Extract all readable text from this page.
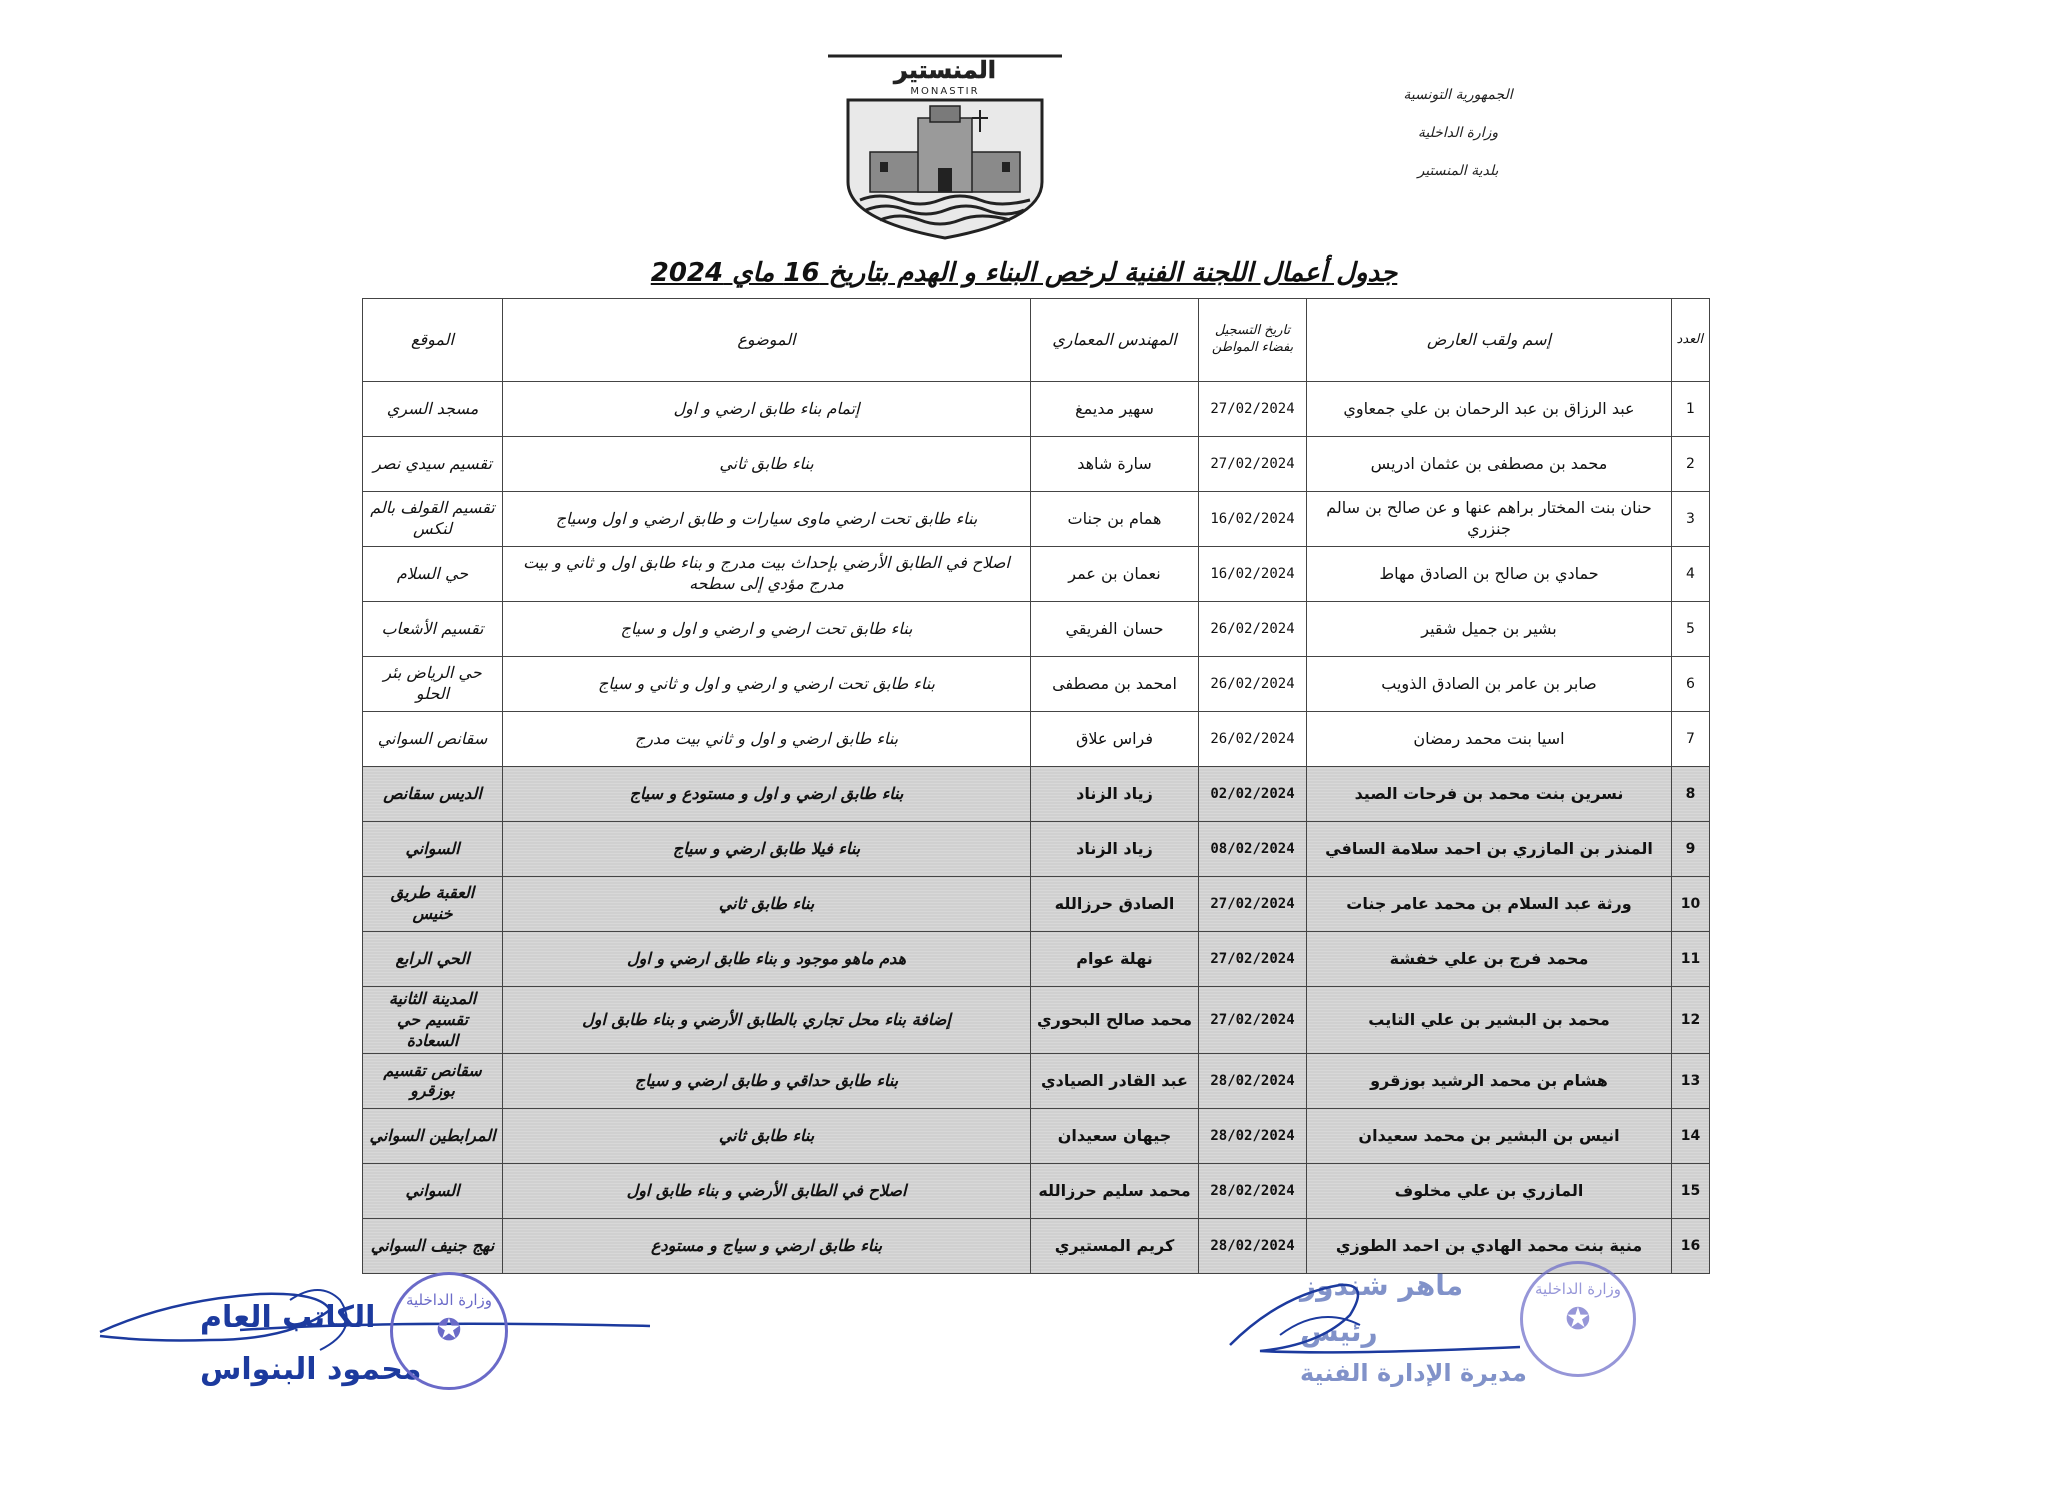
الجمهورية التونسية
وزارة الداخلية
بلدية المنستير
المنستير
MONASTIR
جدول أعمال اللجنة الفنية لرخص البناء و الهدم بتاريخ 16 ماي 2024
العدد	إسم ولقب العارض	تاريخ التسجيل بفضاء المواطن	المهندس المعماري	الموضوع	الموقع
1	عبد الرزاق بن عبد الرحمان بن علي جمعاوي	27/02/2024	سهير مديمغ	إتمام بناء طابق ارضي و اول	مسجد السري
2	محمد بن مصطفى بن عثمان ادريس	27/02/2024	سارة شاهد	بناء طابق ثاني	تقسيم سيدي نصر
3	حنان بنت المختار براهم عنها و عن صالح بن سالم جنزري	16/02/2024	همام بن جنات	بناء طابق تحت ارضي ماوى سيارات و طابق ارضي و اول وسياج	تقسيم القولف بالم لنكس
4	حمادي بن صالح بن الصادق مهاط	16/02/2024	نعمان بن عمر	اصلاح في الطابق الأرضي بإحداث بيت مدرج و بناء طابق اول و ثاني و بيت مدرج مؤدي إلى سطحه	حي السلام
5	بشير بن جميل شقير	26/02/2024	حسان الفريقي	بناء طابق تحت ارضي و ارضي و اول و سياج	تقسيم الأشعاب
6	صابر بن عامر بن الصادق الذويب	26/02/2024	امحمد بن مصطفى	بناء طابق تحت ارضي و ارضي و اول و ثاني و سياج	حي الرياض بئر الحلو
7	اسيا بنت محمد رمضان	26/02/2024	فراس علاق	بناء طابق ارضي و اول و ثاني بيت مدرج	سقانص السواني
8	نسرين بنت محمد بن فرحات الصيد	02/02/2024	زياد الزناد	بناء طابق ارضي و اول و مستودع و سياج	الديس سقانص
9	المنذر بن المازري بن احمد سلامة السافي	08/02/2024	زياد الزناد	بناء فيلا طابق ارضي و سياج	السواني
10	ورثة عبد السلام بن محمد عامر جنات	27/02/2024	الصادق حرزالله	بناء طابق ثاني	العقبة طريق خنيس
11	محمد فرج بن علي خفشة	27/02/2024	نهلة عوام	هدم ماهو موجود و بناء طابق ارضي و اول	الحي الرابع
12	محمد بن البشير بن علي التايب	27/02/2024	محمد صالح البحوري	إضافة بناء محل تجاري بالطابق الأرضي و بناء طابق اول	المدينة الثانية تقسيم حي السعادة
13	هشام بن محمد الرشيد بوزقرو	28/02/2024	عبد القادر الصيادي	بناء طابق حداقي و طابق ارضي و سياج	سقانص تقسيم بوزقرو
14	انيس بن البشير بن محمد سعيدان	28/02/2024	جيهان سعيدان	بناء طابق ثاني	المرابطين السواني
15	المازري بن علي مخلوف	28/02/2024	محمد سليم حرزالله	اصلاح في الطابق الأرضي و بناء طابق اول	السواني
16	منية بنت محمد الهادي بن احمد الطوزي	28/02/2024	كريم المستيري	بناء طابق ارضي و سياج و مستودع	نهج جنيف السواني
الكاتب العام
محمود البنواس
وزارة الداخلية
✪
ماهر شندوز
رئيس
مديرة الإدارة الفنية
وزارة الداخلية
✪
